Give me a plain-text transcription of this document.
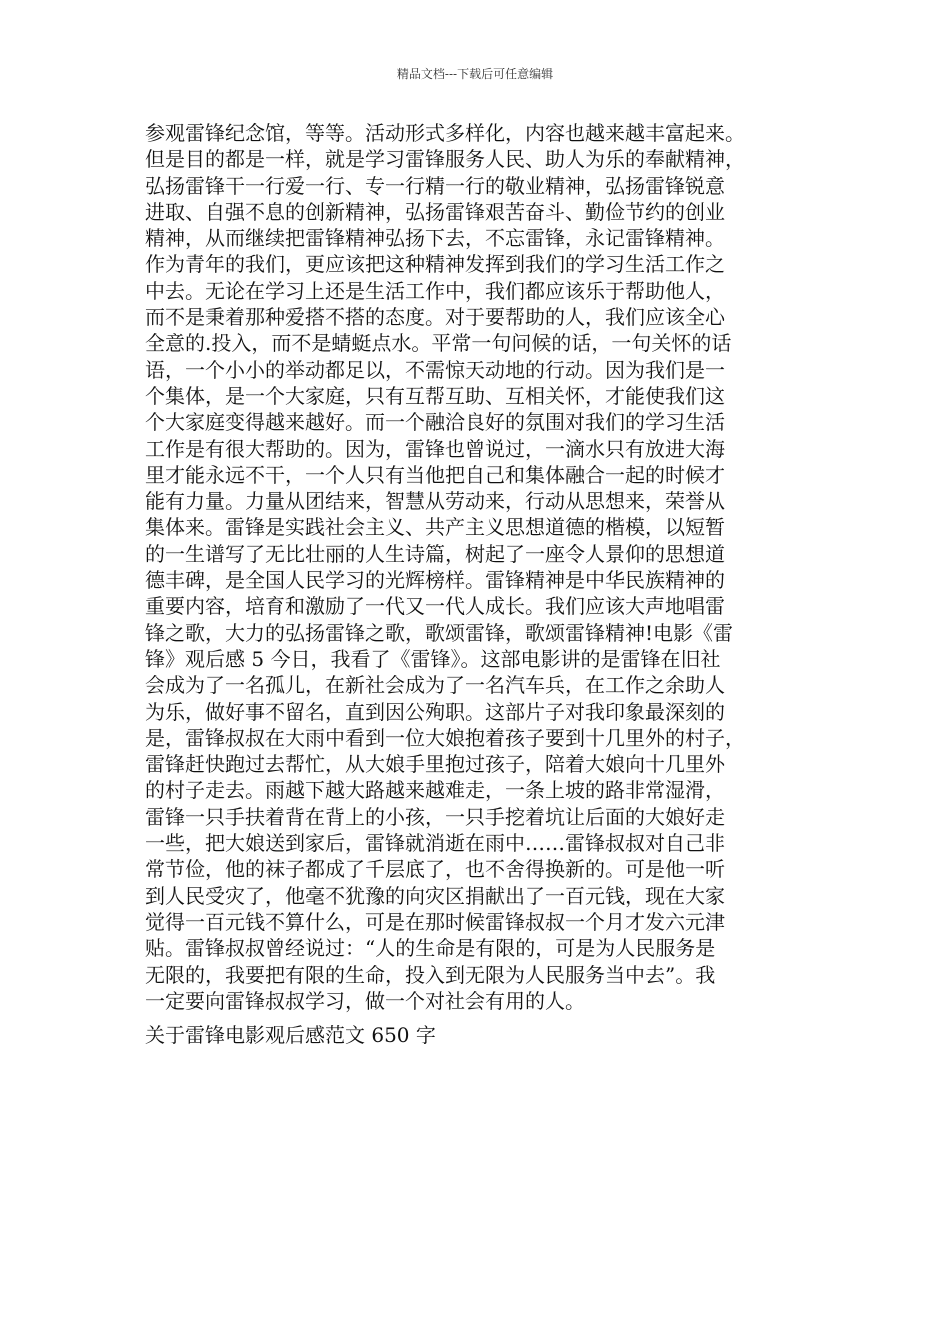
精品文档---下载后可任意编辑
参观雷锋纪念馆，等等。活动形式多样化，内容也越来越丰富起来。
但是目的都是一样，就是学习雷锋服务人民、助人为乐的奉献精神，
弘扬雷锋干一行爱一行、专一行精一行的敬业精神，弘扬雷锋锐意
进取、自强不息的创新精神，弘扬雷锋艰苦奋斗、勤俭节约的创业
精神，从而继续把雷锋精神弘扬下去，不忘雷锋，永记雷锋精神。
作为青年的我们，更应该把这种精神发挥到我们的学习生活工作之
中去。无论在学习上还是生活工作中，我们都应该乐于帮助他人，
而不是秉着那种爱搭不搭的态度。对于要帮助的人，我们应该全心
全意的.投入，而不是蜻蜓点水。平常一句问候的话，一句关怀的话
语，一个小小的举动都足以，不需惊天动地的行动。因为我们是一
个集体，是一个大家庭，只有互帮互助、互相关怀，才能使我们这
个大家庭变得越来越好。而一个融洽良好的氛围对我们的学习生活
工作是有很大帮助的。因为，雷锋也曾说过，一滴水只有放进大海
里才能永远不干，一个人只有当他把自己和集体融合一起的时候才
能有力量。力量从团结来，智慧从劳动来，行动从思想来，荣誉从
集体来。雷锋是实践社会主义、共产主义思想道德的楷模，以短暂
的一生谱写了无比壮丽的人生诗篇，树起了一座令人景仰的思想道
德丰碑，是全国人民学习的光辉榜样。雷锋精神是中华民族精神的
重要内容，培育和激励了一代又一代人成长。我们应该大声地唱雷
锋之歌，大力的弘扬雷锋之歌，歌颂雷锋，歌颂雷锋精神!电影《雷
锋》观后感 5 今日，我看了《雷锋》。这部电影讲的是雷锋在旧社
会成为了一名孤儿，在新社会成为了一名汽车兵，在工作之余助人
为乐，做好事不留名，直到因公殉职。这部片子对我印象最深刻的
是，雷锋叔叔在大雨中看到一位大娘抱着孩子要到十几里外的村子，
雷锋赶快跑过去帮忙，从大娘手里抱过孩子，陪着大娘向十几里外
的村子走去。雨越下越大路越来越难走，一条上坡的路非常湿滑，
雷锋一只手扶着背在背上的小孩，一只手挖着坑让后面的大娘好走
一些，把大娘送到家后，雷锋就消逝在雨中……雷锋叔叔对自己非
常节俭，他的袜子都成了千层底了，也不舍得换新的。可是他一听
到人民受灾了，他毫不犹豫的向灾区捐献出了一百元钱，现在大家
觉得一百元钱不算什么，可是在那时候雷锋叔叔一个月才发六元津
贴。雷锋叔叔曾经说过：“人的生命是有限的，可是为人民服务是
无限的，我要把有限的生命，投入到无限为人民服务当中去”。我
一定要向雷锋叔叔学习，做一个对社会有用的人。
关于雷锋电影观后感范文 650 字
